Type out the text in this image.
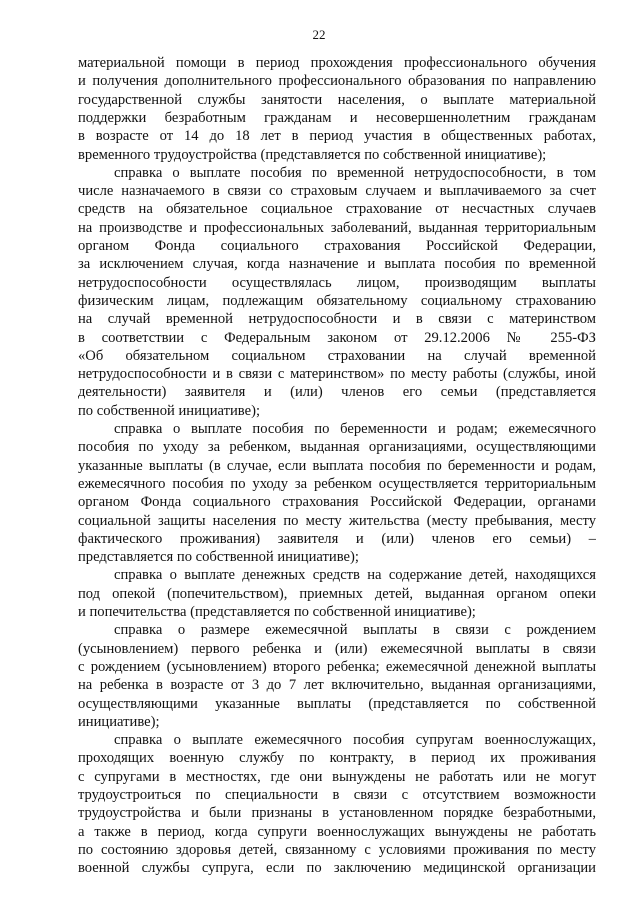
22
материальной помощи в период прохождения профессионального обучения
и получения дополнительного профессионального образования по направлению
государственной службы занятости населения, о выплате материальной
поддержки безработным гражданам и несовершеннолетним гражданам
в возрасте от 14 до 18 лет в период участия в общественных работах,
временного трудоустройства (представляется по собственной инициативе);
справка о выплате пособия по временной нетрудоспособности, в том
числе назначаемого в связи со страховым случаем и выплачиваемого за счет
средств на обязательное социальное страхование от несчастных случаев
на производстве и профессиональных заболеваний, выданная территориальным
органом Фонда социального страхования Российской Федерации,
за исключением случая, когда назначение и выплата пособия по временной
нетрудоспособности осуществлялась лицом, производящим выплаты
физическим лицам, подлежащим обязательному социальному страхованию
на случай временной нетрудоспособности и в связи с материнством
в соответствии с Федеральным законом от 29.12.2006 № 255-ФЗ
«Об обязательном социальном страховании на случай временной
нетрудоспособности и в связи с материнством» по месту работы (службы, иной
деятельности) заявителя и (или) членов его семьи (представляется
по собственной инициативе);
справка о выплате пособия по беременности и родам; ежемесячного
пособия по уходу за ребенком, выданная организациями, осуществляющими
указанные выплаты (в случае, если выплата пособия по беременности и родам,
ежемесячного пособия по уходу за ребенком осуществляется территориальным
органом Фонда социального страхования Российской Федерации, органами
социальной защиты населения по месту жительства (месту пребывания, месту
фактического проживания) заявителя и (или) членов его семьи) –
представляется по собственной инициативе);
справка о выплате денежных средств на содержание детей, находящихся
под опекой (попечительством), приемных детей, выданная органом опеки
и попечительства (представляется по собственной инициативе);
справка о размере ежемесячной выплаты в связи с рождением
(усыновлением) первого ребенка и (или) ежемесячной выплаты в связи
с рождением (усыновлением) второго ребенка; ежемесячной денежной выплаты
на ребенка в возрасте от 3 до 7 лет включительно, выданная организациями,
осуществляющими указанные выплаты (представляется по собственной
инициативе);
справка о выплате ежемесячного пособия супругам военнослужащих,
проходящих военную службу по контракту, в период их проживания
с супругами в местностях, где они вынуждены не работать или не могут
трудоустроиться по специальности в связи с отсутствием возможности
трудоустройства и были признаны в установленном порядке безработными,
а также в период, когда супруги военнослужащих вынуждены не работать
по состоянию здоровья детей, связанному с условиями проживания по месту
военной службы супруга, если по заключению медицинской организации
